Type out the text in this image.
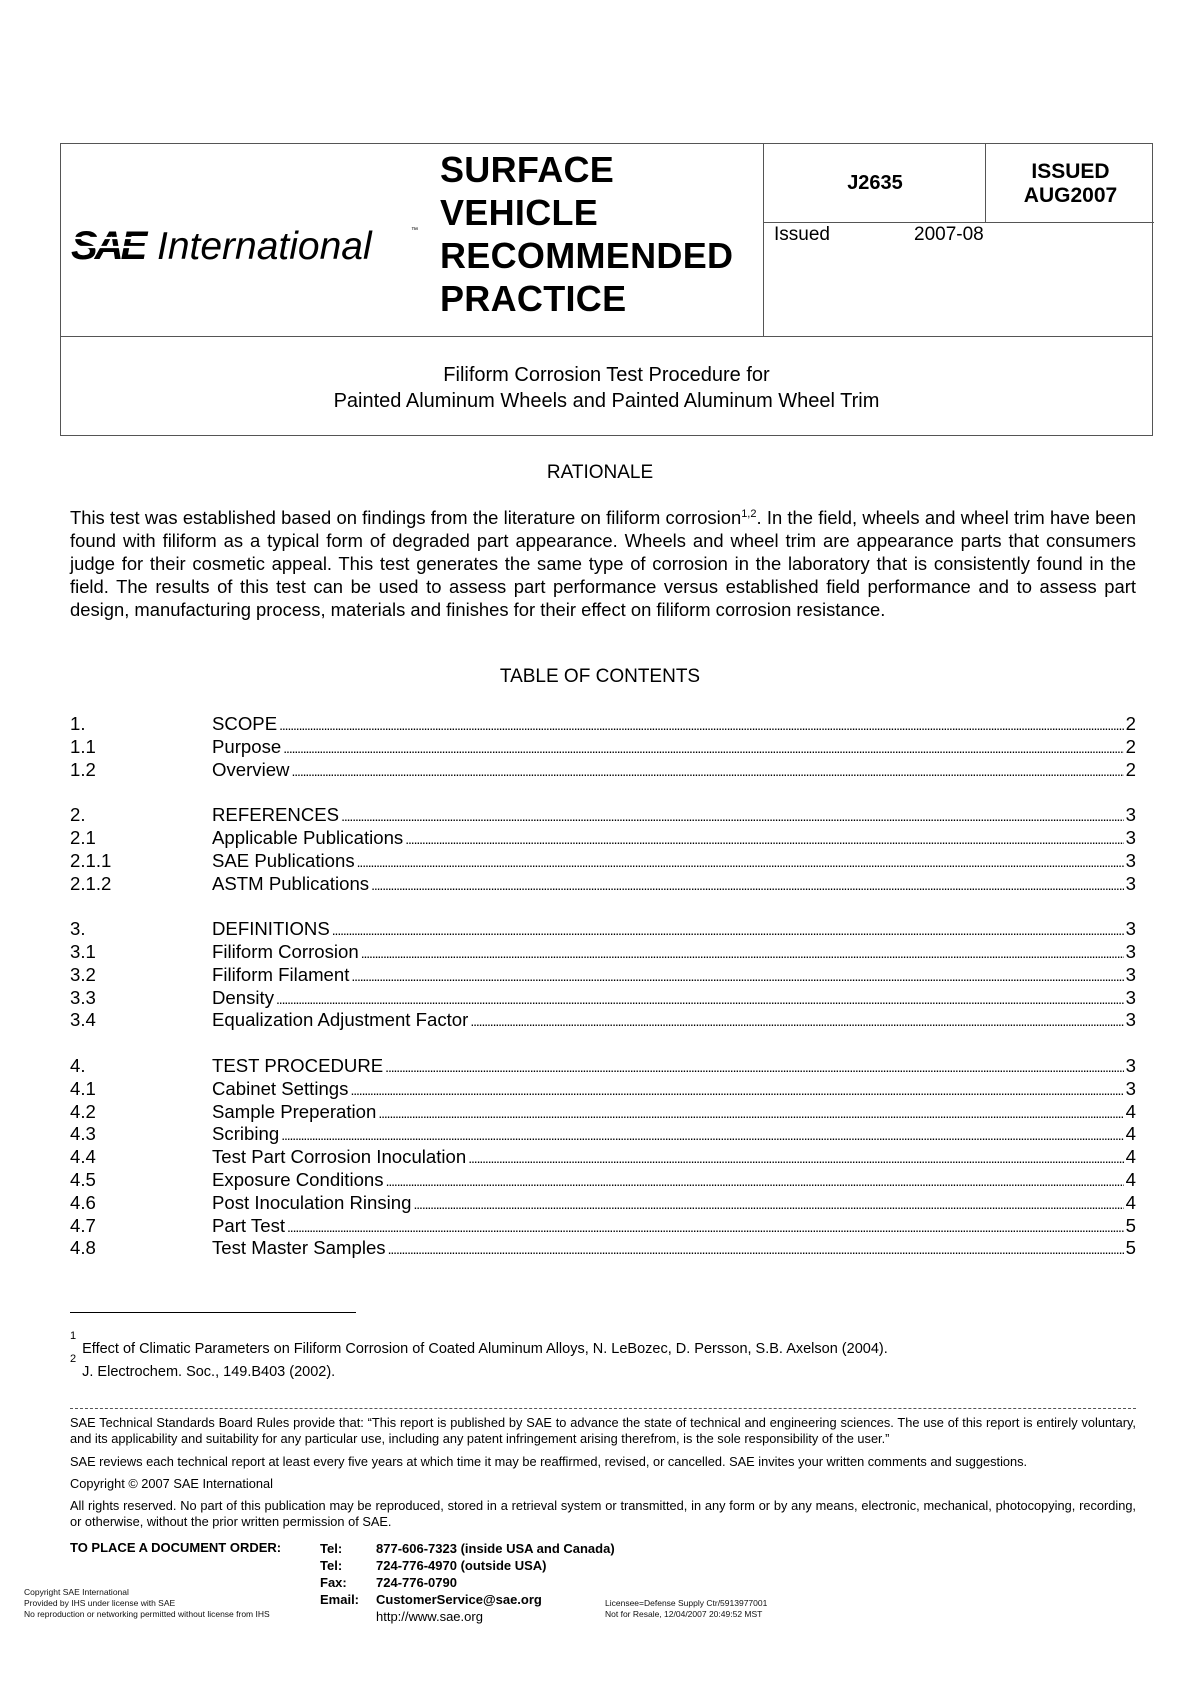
SAE International	™
SURFACE
VEHICLE
RECOMMENDED
PRACTICE
J2635
Issued	2007-08
ISSUED
AUG2007
Filiform Corrosion Test Procedure for
Painted Aluminum Wheels and Painted Aluminum Wheel Trim
RATIONALE
This test was established based on findings from the literature on filiform corrosion$^{1,2}$. In the field, wheels and wheel trim have been found with filiform as a typical form of degraded part appearance. Wheels and wheel trim are appearance parts that consumers judge for their cosmetic appeal. This test generates the same type of corrosion in the laboratory that is consistently found in the field. The results of this test can be used to assess part performance versus established field performance and to assess part design, manufacturing process, materials and finishes for their effect on filiform corrosion resistance.
TABLE OF CONTENTS
1.	SCOPE . . .	2
1.1	Purpose . . .	2
1.2	Overview . . .	2
2.	REFERENCES . . .	3
2.1	Applicable Publications . . .	3
2.1.1	SAE Publications . . .	3
2.1.2	ASTM Publications . . .	3
3.	DEFINITIONS . . .	3
3.1	Filiform Corrosion . . .	3
3.2	Filiform Filament . . .	3
3.3	Density . . .	3
3.4	Equalization Adjustment Factor . . .	3
4.	TEST PROCEDURE . . .	3
4.1	Cabinet Settings . . .	3
4.2	Sample Preperation . . .	4
4.3	Scribing . . .	4
4.4	Test Part Corrosion Inoculation . . .	4
4.5	Exposure Conditions . . .	4
4.6	Post Inoculation Rinsing . . .	4
4.7	Part Test . . .	5
4.8	Test Master Samples . . .	5
$^1$Effect of Climatic Parameters on Filiform Corrosion of Coated Aluminum Alloys, N. LeBozec, D. Persson, S.B. Axelson (2004).
$^2$J. Electrochem. Soc., 149.B403 (2002).
SAE Technical Standards Board Rules provide that: “This report is published by SAE to advance the state of technical and engineering sciences. The use of this report is entirely voluntary, and its applicability and suitability for any particular use, including any patent infringement arising therefrom, is the sole responsibility of the user.”
SAE reviews each technical report at least every five years at which time it may be reaffirmed, revised, or cancelled. SAE invites your written comments and suggestions.
Copyright © 2007 SAE International
All rights reserved. No part of this publication may be reproduced, stored in a retrieval system or transmitted, in any form or by any means, electronic, mechanical, photocopying, recording, or otherwise, without the prior written permission of SAE.
TO PLACE A DOCUMENT ORDER:	Tel:	877-606-7323 (inside USA and Canada)
Tel:	724-776-4970 (outside USA)
Fax:	724-776-0790
Email:	CustomerService@sae.org
http://www.sae.org
Copyright SAE International
Provided by IHS under license with SAE
No reproduction or networking permitted without license from IHS
Licensee=Defense Supply Ctr/5913977001
Not for Resale, 12/04/2007 20:49:52 MST
